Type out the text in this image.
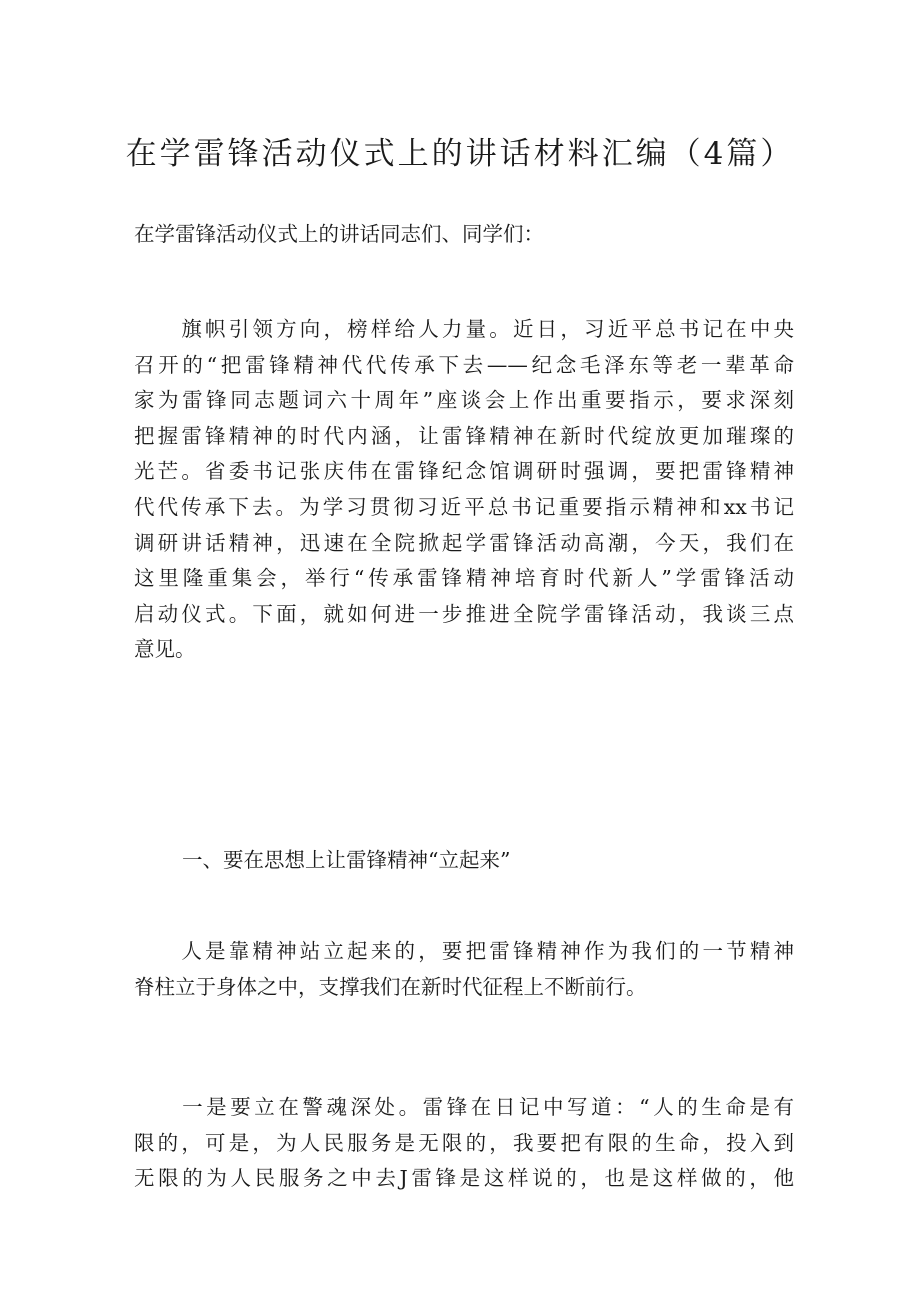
在学雷锋活动仪式上的讲话材料汇编（4篇）
在学雷锋活动仪式上的讲话同志们、同学们：
　　旗帜引领方向，榜样给人力量。近日，习近平总书记在中央
召开的“把雷锋精神代代传承下去——纪念毛泽东等老一辈革命
家为雷锋同志题词六十周年”座谈会上作出重要指示，要求深刻
把握雷锋精神的时代内涵，让雷锋精神在新时代绽放更加璀璨的
光芒。省委书记张庆伟在雷锋纪念馆调研时强调，要把雷锋精神
代代传承下去。为学习贯彻习近平总书记重要指示精神和xx书记
调研讲话精神，迅速在全院掀起学雷锋活动高潮，今天，我们在
这里隆重集会，举行“传承雷锋精神培育时代新人”学雷锋活动
启动仪式。下面，就如何进一步推进全院学雷锋活动，我谈三点
意见。
一、要在思想上让雷锋精神“立起来”
　　人是靠精神站立起来的，要把雷锋精神作为我们的一节精神
脊柱立于身体之中，支撑我们在新时代征程上不断前行。
　　一是要立在警魂深处。雷锋在日记中写道：“人的生命是有
限的，可是，为人民服务是无限的，我要把有限的生命，投入到
无限的为人民服务之中去J雷锋是这样说的，也是这样做的，他
